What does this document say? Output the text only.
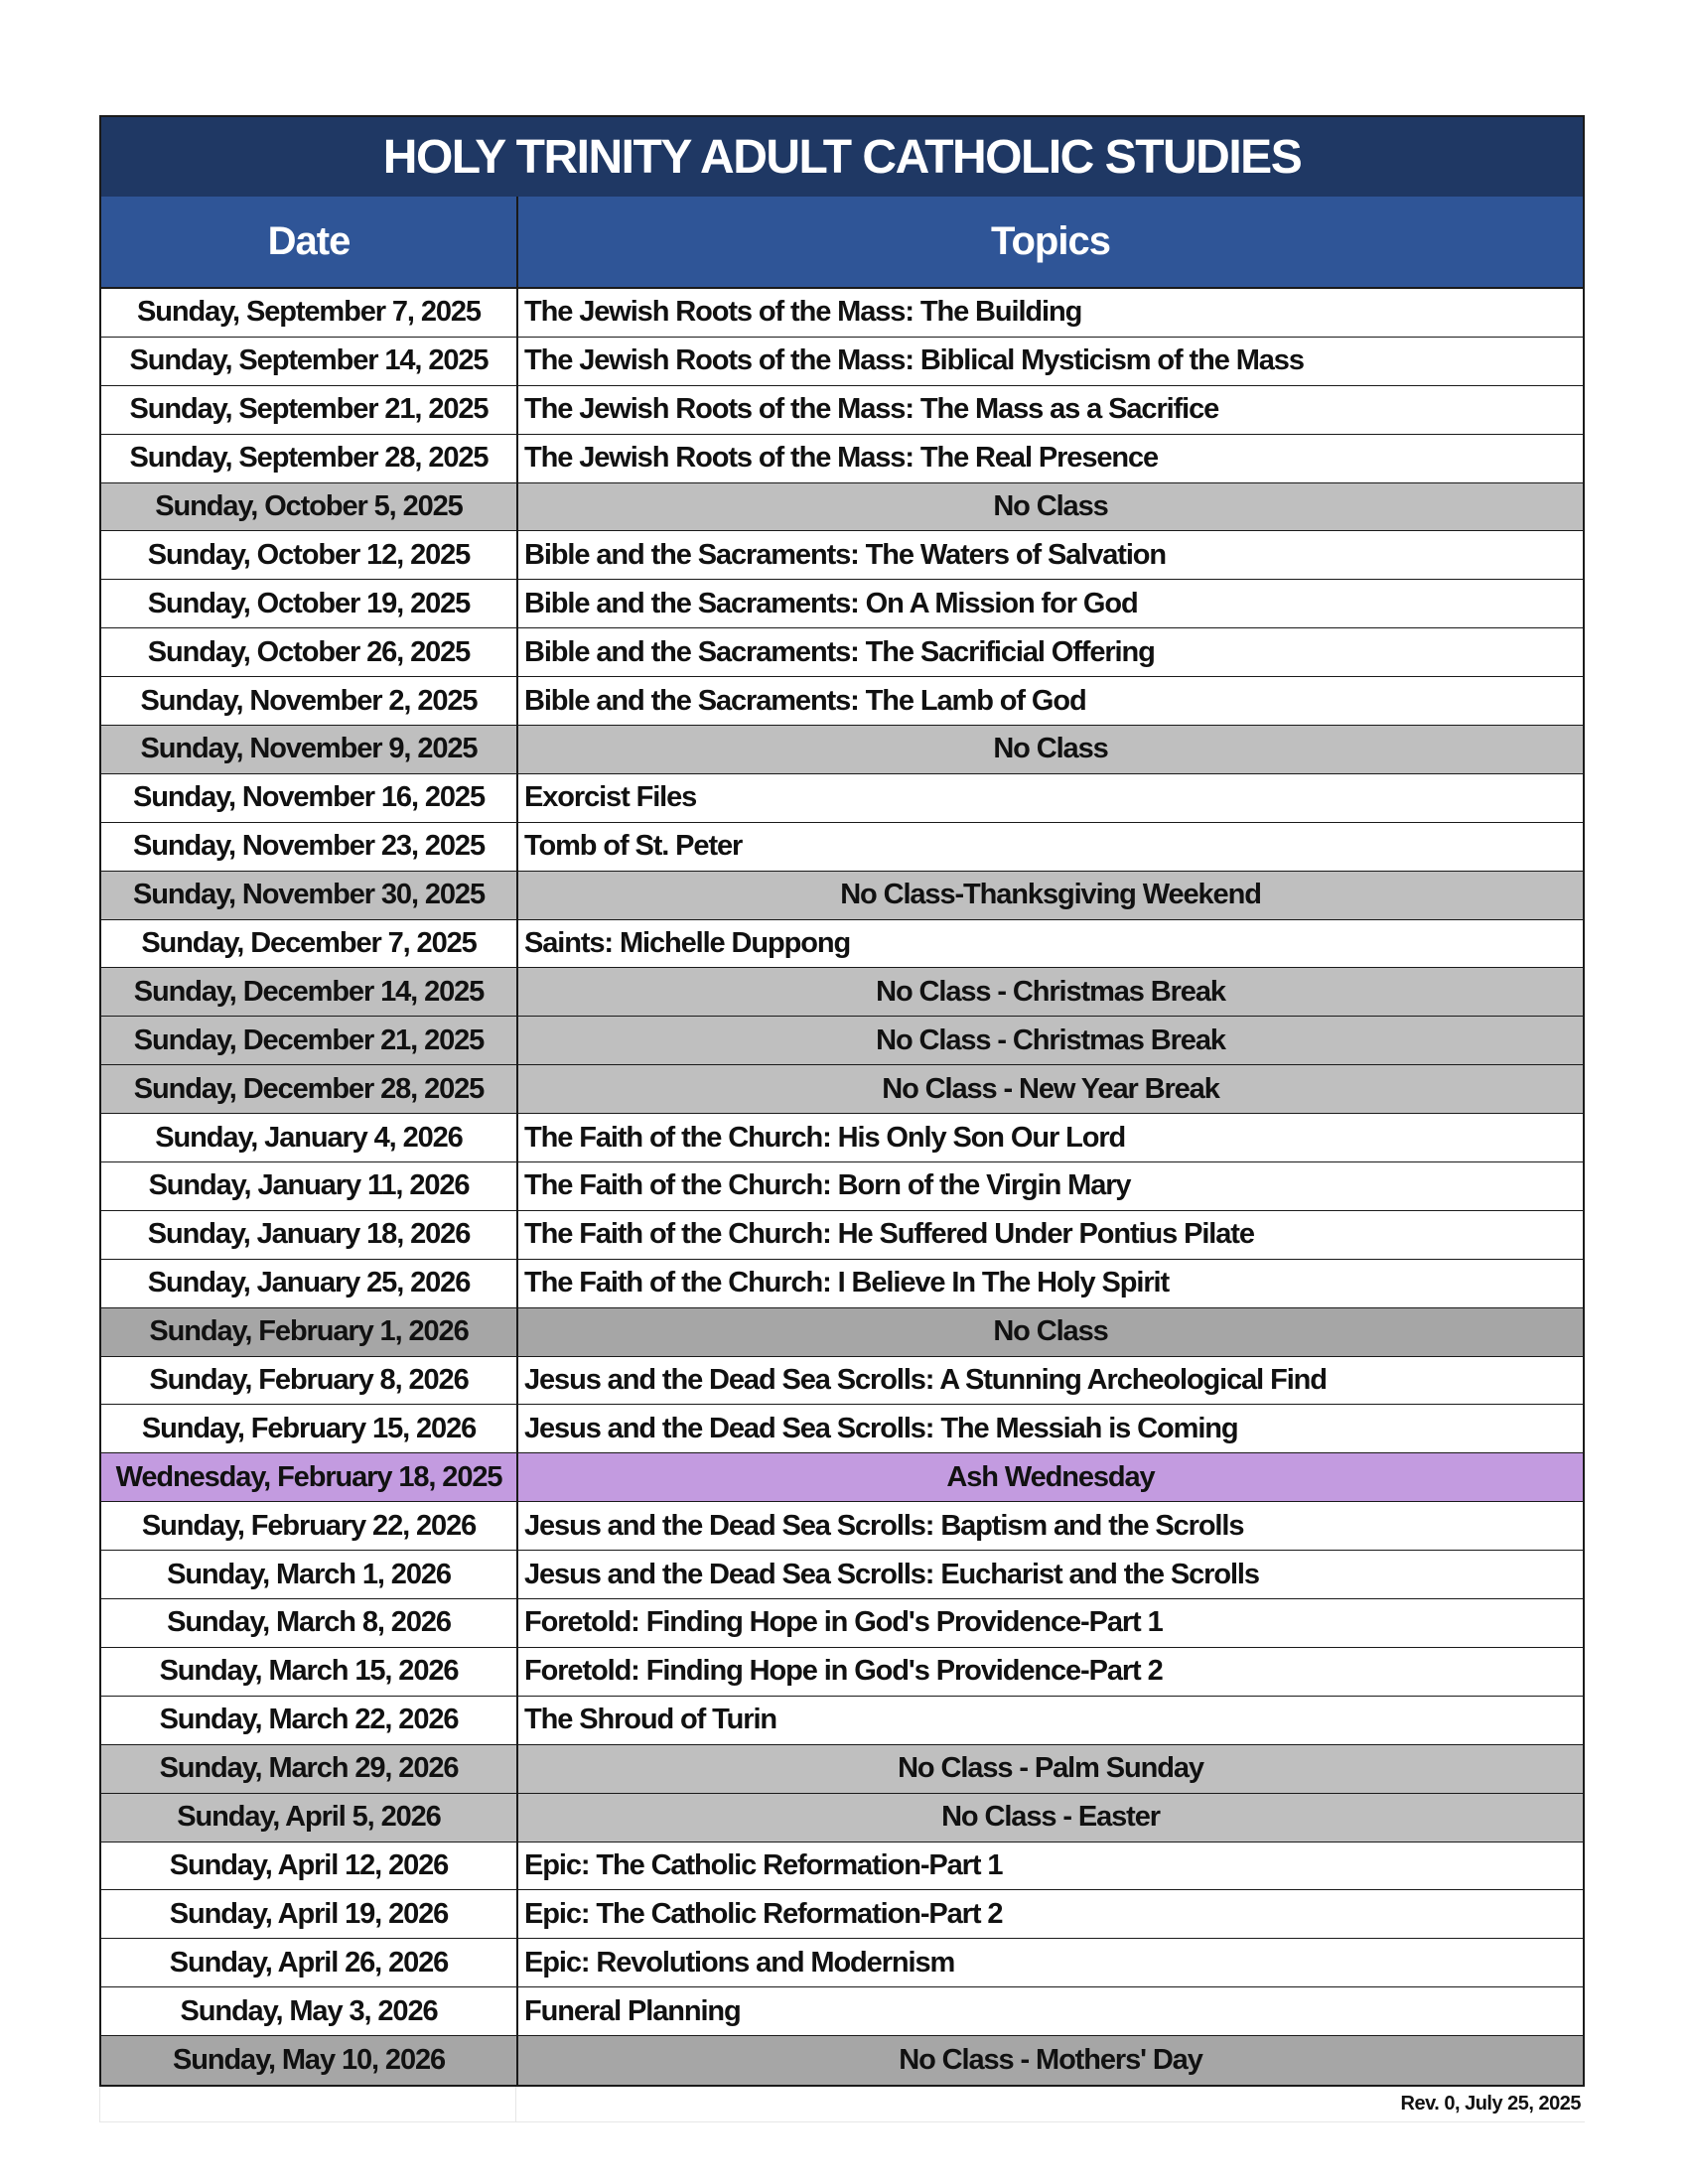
HOLY TRINITY ADULT CATHOLIC STUDIES
Date	Topics
Sunday, September 7, 2025	The Jewish Roots of the Mass: The Building
Sunday, September 14, 2025	The Jewish Roots of the Mass: Biblical Mysticism of the Mass
Sunday, September 21, 2025	The Jewish Roots of the Mass: The Mass as a Sacrifice
Sunday, September 28, 2025	The Jewish Roots of the Mass: The Real Presence
Sunday, October 5, 2025	No Class
Sunday, October 12, 2025	Bible and the Sacraments: The Waters of Salvation
Sunday, October 19, 2025	Bible and the Sacraments: On A Mission for God
Sunday, October 26, 2025	Bible and the Sacraments: The Sacrificial Offering
Sunday, November 2, 2025	Bible and the Sacraments: The Lamb of God
Sunday, November 9, 2025	No Class
Sunday, November 16, 2025	Exorcist Files
Sunday, November 23, 2025	Tomb of St. Peter
Sunday, November 30, 2025	No Class-Thanksgiving Weekend
Sunday, December 7, 2025	Saints: Michelle Duppong
Sunday, December 14, 2025	No Class - Christmas Break
Sunday, December 21, 2025	No Class - Christmas Break
Sunday, December 28, 2025	No Class - New Year Break
Sunday, January 4, 2026	The Faith of the Church: His Only Son Our Lord
Sunday, January 11, 2026	The Faith of the Church: Born of the Virgin Mary
Sunday, January 18, 2026	The Faith of the Church: He Suffered Under Pontius Pilate
Sunday, January 25, 2026	The Faith of the Church: I Believe In The Holy Spirit
Sunday, February 1, 2026	No Class
Sunday, February 8, 2026	Jesus and the Dead Sea Scrolls: A Stunning Archeological Find
Sunday, February 15, 2026	Jesus and the Dead Sea Scrolls: The Messiah is Coming
Wednesday, February 18, 2025	Ash Wednesday
Sunday, February 22, 2026	Jesus and the Dead Sea Scrolls: Baptism and the Scrolls
Sunday, March 1, 2026	Jesus and the Dead Sea Scrolls: Eucharist and the Scrolls
Sunday, March 8, 2026	Foretold: Finding Hope in God's Providence-Part 1
Sunday, March 15, 2026	Foretold: Finding Hope in God's Providence-Part 2
Sunday, March 22, 2026	The Shroud of Turin
Sunday, March 29, 2026	No Class - Palm Sunday
Sunday, April 5, 2026	No Class - Easter
Sunday, April 12, 2026	Epic: The Catholic Reformation-Part 1
Sunday, April 19, 2026	Epic: The Catholic Reformation-Part 2
Sunday, April 26, 2026	Epic: Revolutions and Modernism
Sunday, May 3, 2026	Funeral Planning
Sunday, May 10, 2026	No Class - Mothers' Day
Rev. 0, July 25, 2025
